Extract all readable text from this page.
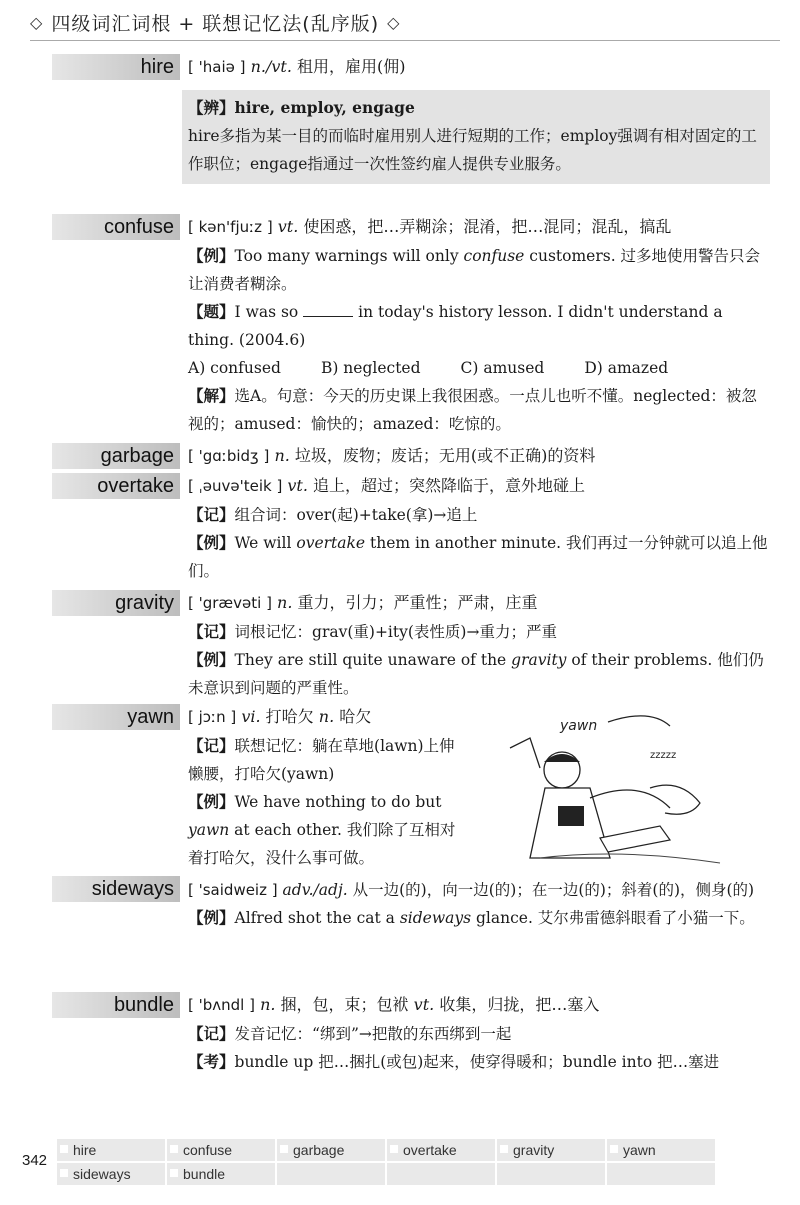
◇ 四级词汇词根 + 联想记忆法(乱序版) ◇
hire [ 'haiə ] n./vt. 租用，雇用(佣)
【辨】hire, employ, engage
hire多指为某一目的而临时雇用别人进行短期的工作；employ强调有相对固定的工作职位；engage指通过一次性签约雇人提供专业服务。
confuse [ kən'fjuːz ] vt. 使困惑，把…弄糊涂；混淆，把…混同；混乱，搞乱
【例】Too many warnings will only confuse customers. 过多地使用警告只会让消费者糊涂。
【题】I was so	in today's history lesson. I didn't understand a thing. (2004.6)
A) confused	B) neglected	C) amused	D) amazed
【解】选A。句意：今天的历史课上我很困惑。一点儿也听不懂。neglected：被忽视的；amused：愉快的；amazed：吃惊的。
garbage [ 'gɑːbidʒ ] n. 垃圾，废物；废话；无用(或不正确)的资料
overtake [ ˌəuvə'teik ] vt. 追上，超过；突然降临于，意外地碰上
【记】组合词：over(起)+take(拿)→追上
【例】We will overtake them in another minute. 我们再过一分钟就可以追上他们。
gravity [ 'grævəti ] n. 重力，引力；严重性；严肃，庄重
【记】词根记忆：grav(重)+ity(表性质)→重力；严重
【例】They are still quite unaware of the gravity of their problems. 他们仍未意识到问题的严重性。
yawn [ jɔːn ] vi. 打哈欠 n. 哈欠
【记】联想记忆：躺在草地(lawn)上伸懒腰，打哈欠(yawn)
【例】We have nothing to do but yawn at each other. 我们除了互相对着打哈欠，没什么事可做。
yawn
zzzzz
sideways [ 'saidweiz ] adv./adj. 从一边(的)，向一边(的)；在一边(的)；斜着(的)，侧身(的)
【例】Alfred shot the cat a sideways glance. 艾尔弗雷德斜眼看了小猫一下。
bundle [ 'bʌndl ] n. 捆，包，束；包袱 vt. 收集，归拢，把…塞入
【记】发音记忆：“绑到”→把散的东西绑到一起
【考】bundle up 把…捆扎(或包)起来，使穿得暖和；bundle into 把…塞进
342
hire	confuse	garbage	overtake	gravity	yawn
sideways	bundle
